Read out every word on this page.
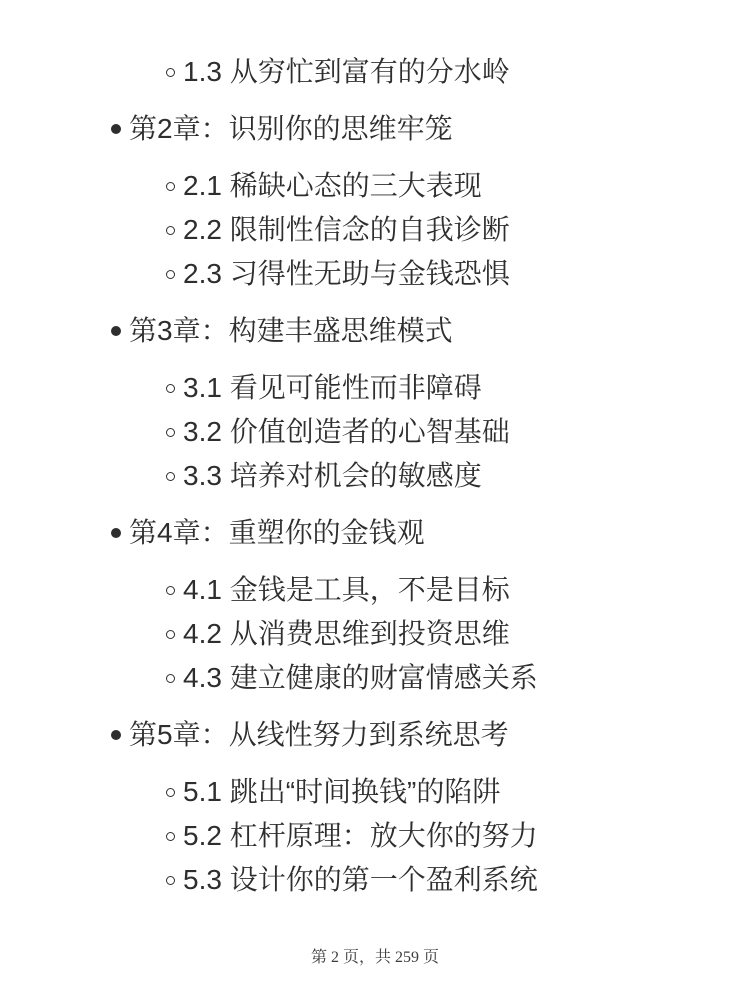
1.3 从穷忙到富有的分水岭
第2章：识别你的思维牢笼
2.1 稀缺心态的三大表现
2.2 限制性信念的自我诊断
2.3 习得性无助与金钱恐惧
第3章：构建丰盛思维模式
3.1 看见可能性而非障碍
3.2 价值创造者的心智基础
3.3 培养对机会的敏感度
第4章：重塑你的金钱观
4.1 金钱是工具，不是目标
4.2 从消费思维到投资思维
4.3 建立健康的财富情感关系
第5章：从线性努力到系统思考
5.1 跳出“时间换钱”的陷阱
5.2 杠杆原理：放大你的努力
5.3 设计你的第一个盈利系统
第 2 页，共 259 页
